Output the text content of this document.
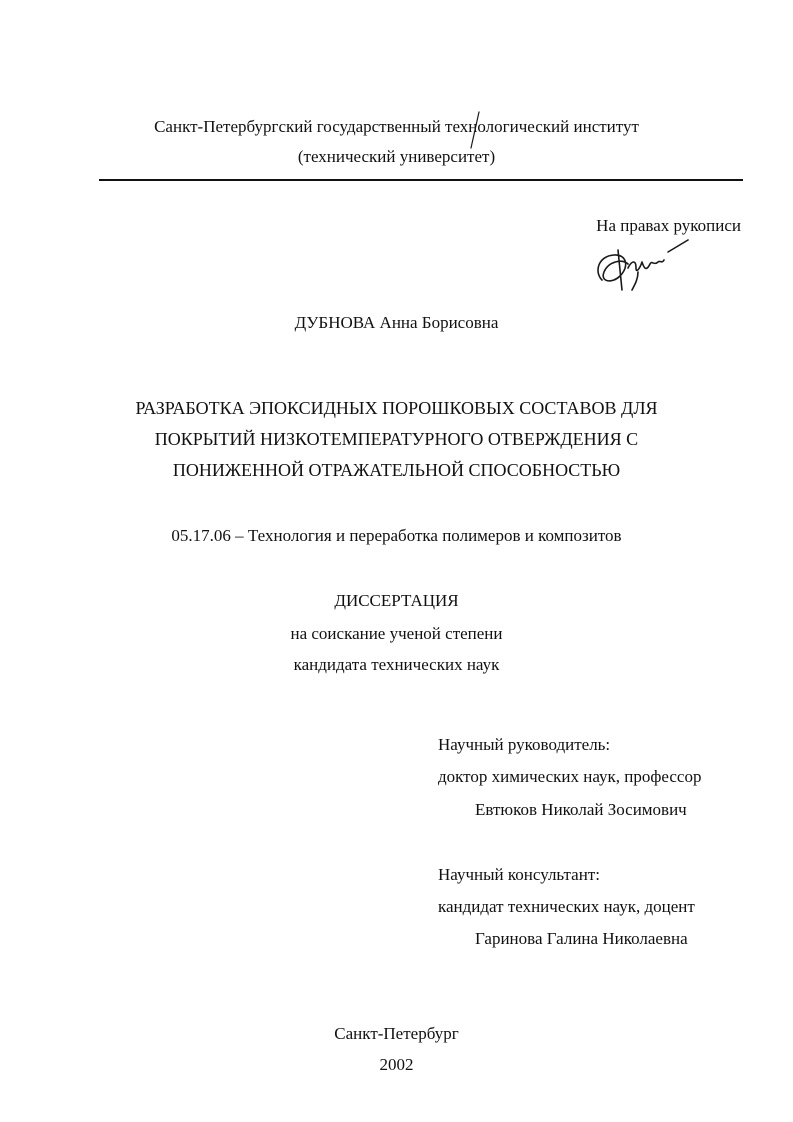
Санкт-Петербургский государственный технологический институт
(технический университет)
На правах рукописи
ДУБНОВА Анна Борисовна
РАЗРАБОТКА ЭПОКСИДНЫХ ПОРОШКОВЫХ СОСТАВОВ ДЛЯ
ПОКРЫТИЙ НИЗКОТЕМПЕРАТУРНОГО ОТВЕРЖДЕНИЯ С
ПОНИЖЕННОЙ ОТРАЖАТЕЛЬНОЙ СПОСОБНОСТЬЮ
05.17.06 – Технология и переработка полимеров и композитов
ДИССЕРТАЦИЯ
на соискание ученой степени
кандидата технических наук
Научный руководитель:
доктор химических наук, профессор
Евтюков Николай Зосимович
Научный консультант:
кандидат технических наук, доцент
Гаринова Галина Николаевна
Санкт-Петербург
2002
